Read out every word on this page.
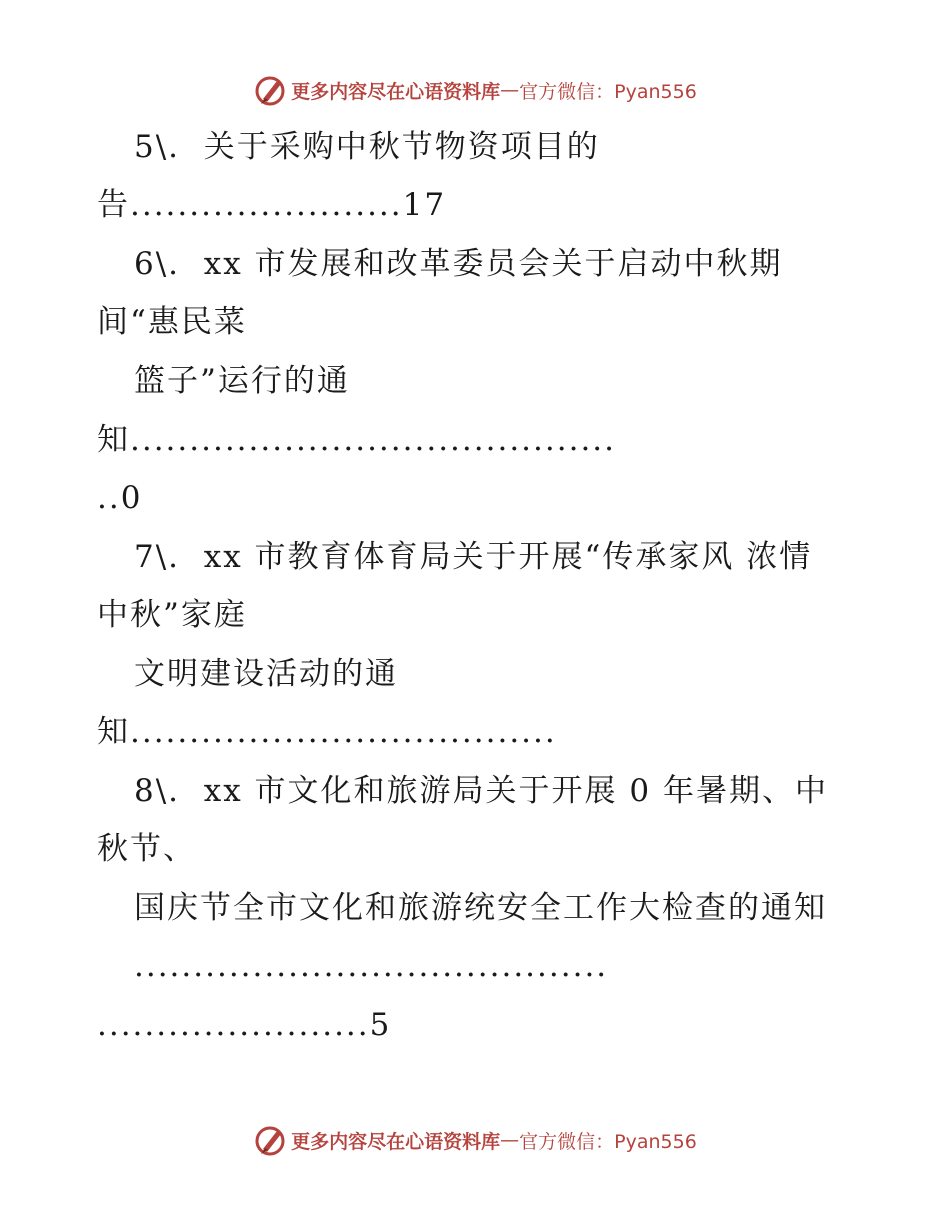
更多内容尽在心语资料库 — 官方微信：Pyan556
5\.  关于采购中秋节物资项目的
告.......................17
6\.  xx 市发展和改革委员会关于启动中秋期
间“惠民菜
篮子”运行的通
知.........................................
..0
7\.  xx 市教育体育局关于开展“传承家风 浓情
中秋”家庭
文明建设活动的通
知....................................
8\.  xx 市文化和旅游局关于开展 0 年暑期、中
秋节、
国庆节全市文化和旅游统安全工作大检查的通知
........................................
.......................5
更多内容尽在心语资料库 — 官方微信：Pyan556
